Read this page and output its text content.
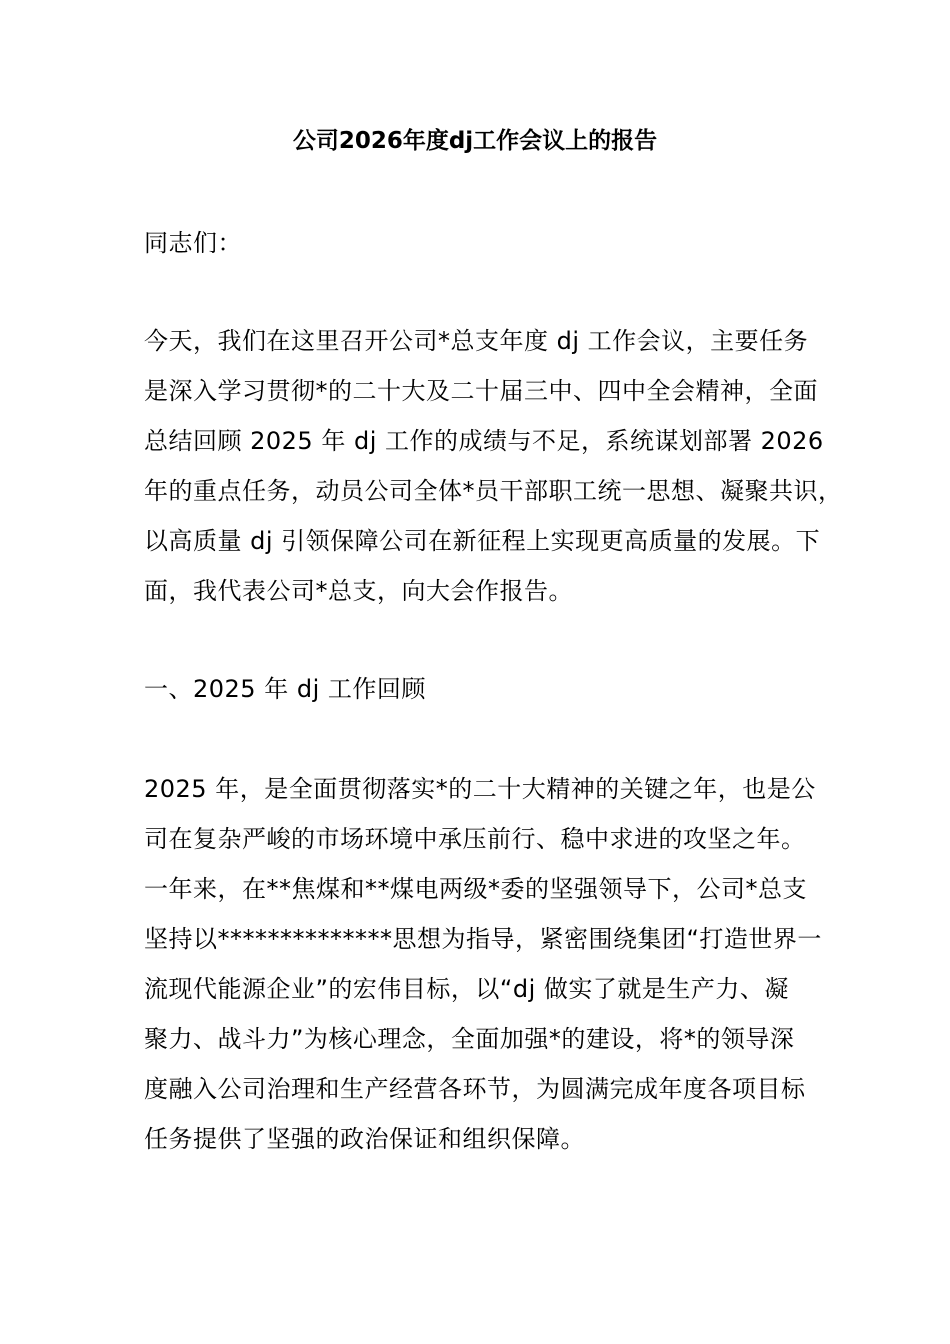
公司2026年度dj工作会议上的报告
同志们：
今天，我们在这里召开公司*总支年度 dj 工作会议，主要任务
是深入学习贯彻*的二十大及二十届三中、四中全会精神，全面
总结回顾 2025 年 dj 工作的成绩与不足，系统谋划部署 2026
年的重点任务，动员公司全体*员干部职工统一思想、凝聚共识，
以高质量 dj 引领保障公司在新征程上实现更高质量的发展。下
面，我代表公司*总支，向大会作报告。
一、2025 年 dj 工作回顾
2025 年，是全面贯彻落实*的二十大精神的关键之年，也是公
司在复杂严峻的市场环境中承压前行、稳中求进的攻坚之年。
一年来，在**焦煤和**煤电两级*委的坚强领导下，公司*总支
坚持以**************思想为指导，紧密围绕集团“打造世界一
流现代能源企业”的宏伟目标，以“dj 做实了就是生产力、凝
聚力、战斗力”为核心理念，全面加强*的建设，将*的领导深
度融入公司治理和生产经营各环节，为圆满完成年度各项目标
任务提供了坚强的政治保证和组织保障。
